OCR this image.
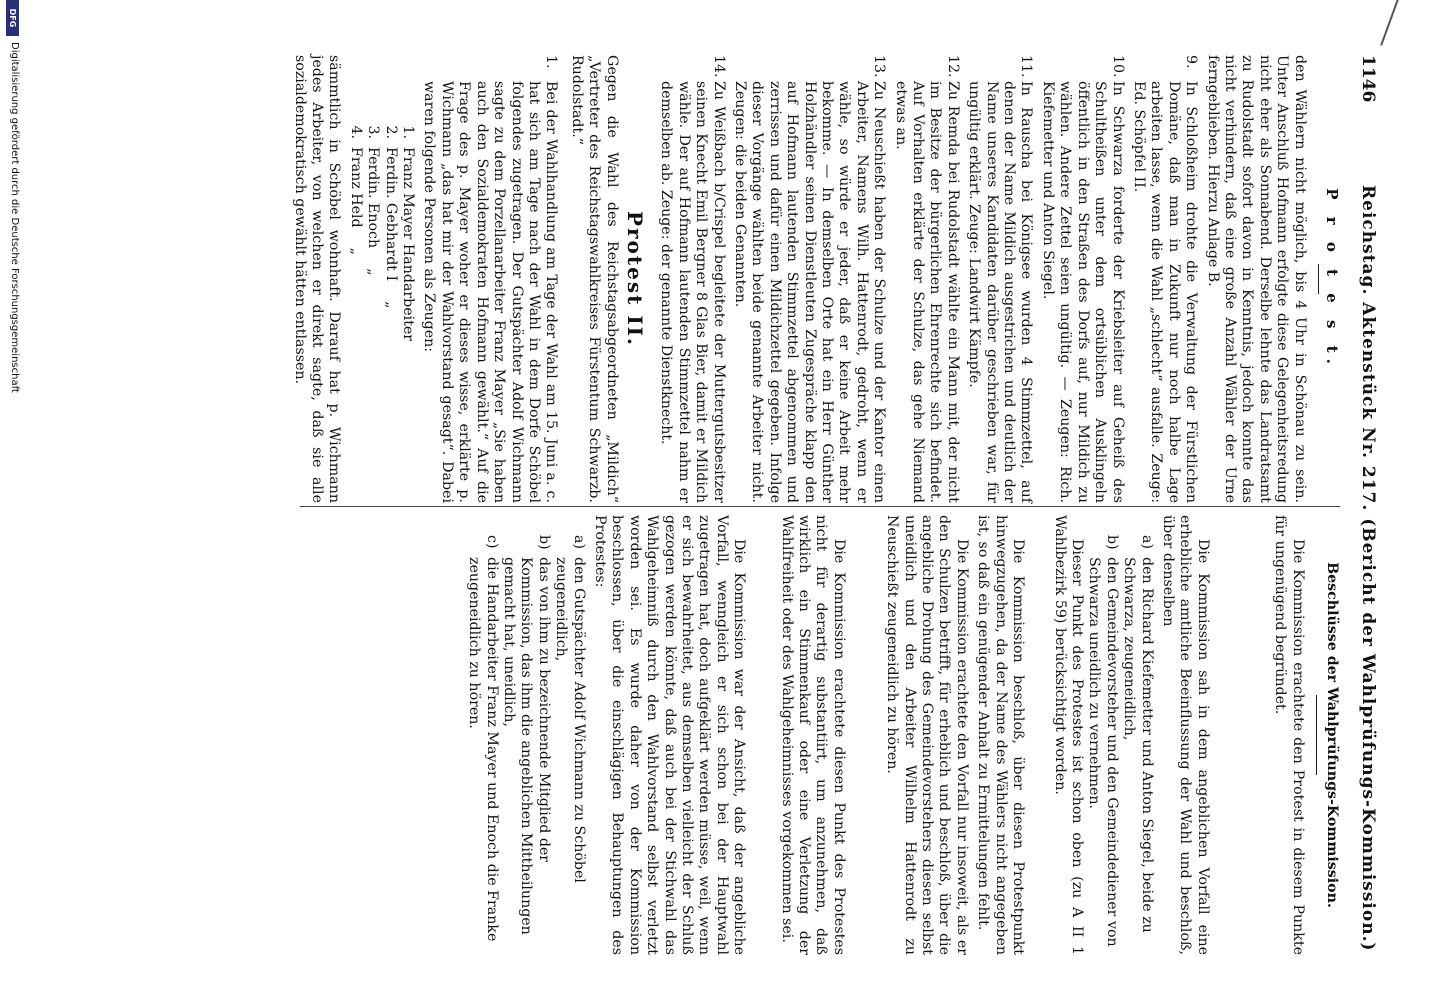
1146
Reichstag. Aktenstück Nr. 217. (Bericht der Wahlprüfungs-Kommission.)
P r o t e s t.

den Wählern nicht möglich, bis 4 Uhr in Schönau zu sein. Unter Anschluß Hofmann erfolgte diese Gelegenheitsredung nicht eher als Sonnabend. Derselbe lehnte das Landratsamt zu Rudolstadt sofort davon in Kenntnis, jedoch konnte das nicht verhindern, daß eine große Anzahl Wähler der Urne ferngeblieben. Hierzu Anlage B.

9.
In Schloßheim drohte die Verwaltung der Fürstlichen Domäne, daß man in Zukunft nur noch halbe Lage arbeiten lasse, wenn die Wahl „schlecht“ ausfalle. Zeuge: Ed. Schöpfel II.
10.
In Schwarza forderte der Kriebsleiter auf Geheiß des Schultheißen unter dem ortsüblichen Ausklingeln öffentlich in den Straßen des Dorfs auf, nur Mildich zu wählen. Andere Zettel seien ungültig. — Zeugen: Rich. Kiefemetter und Anton Siegel.
11.
In Rauscha bei Königsee wurden 4 Stimmzettel, auf denen der Name Mildich ausgestrichen und deutlich der Name unseres Kandidaten darüber geschrieben war, für ungültig erklärt. Zeuge: Landwirt Kämpfe.
12.
Zu Remda bei Rudolstadt wählte ein Mann mit, der nicht im Besitze der bürgerlichen Ehrenrechte sich befindet. Auf Vorhalten erklärte der Schulze, das gehe Niemand etwas an.
13.
Zu Neuschießt haben der Schulze und der Kantor einen Arbeiter, Namens Wilh. Hattenrodt, gedroht, wenn er wähle, so würde er jeder, daß er keine Arbeit mehr bekomme. — In demselben Orte hat ein Herr Günther Holzhändler seinen Dienstleuten Zugespräche klapp den auf Hofmann lautenden Stimmzettel abgenommen und zerrissen und dafür einen Mildichzettel gegeben. Infolge dieser Vorgänge wählten beide genannte Arbeiter nicht. Zeugen: die beiden Genannten.
14.
Zu Weißbach b/Crispel begleitete der Muttergutsbesitzer seinen Knecht Emil Bergner 8 Glas Bier, damit er Mildich wähle. Der auf Hofmann lautenden Stimmzettel nahm er demselben ab. Zeuge: der genannte Dienstknecht.
Protest II.

Gegen die Wahl des Reichstagsabgeordneten „Mildich“ „Vertreter des Reichstagswahlkreises Fürstentum Schwarzb. Rudolstadt.“

1.
Bei der Wahlhandlung am Tage der Wahl am 15. Juni a. c. hat sich am Tage nach der Wahl in dem Dorfe Schöbel folgendes zugetragen. Der Gutspächter Adolf Wichmann sagte zu dem Porzellanarbeiter Franz Mayer „Sie haben auch den Sozialdemokraten Hofmann gewählt.“ Auf die Frage des p. Mayer woher er dieses wisse, erklärte p. Wichmann „das hat mir der Wahlvorstand gesagt“. Dabei waren folgende Personen als Zeugen:
1.
Franz Mayer Handarbeiter
2.
Ferdin. Gebhardt I
„
3.
Ferdin. Enoch
„
4.
Franz Held
„

sämmtlich in Schöbel wohnhaft. Darauf hat p. Wichmann jedes Arbeiter, von welchen er direkt sagte, daß sie alle sozialdemokratisch gewählt hätten entlassen.

Beschlüsse der Wahlprüfungs-Kommission.

Die Kommission erachtete den Protest in diesem Punkte für ungenügend begründet.

Die Kommission sah in dem angeblichen Vorfall eine erhebliche amtliche Beeinflussung der Wahl und beschloß, über denselben

a)
den Richard Kiefemetter und Anton Siegel, beide zu Schwarza, zeugeneidlich,
b)
den Gemeindevorsteher und den Gemeindediener von Schwarza uneidlich zu vernehmen.

Dieser Punkt des Protestes ist schon oben (zu A II 1 Wahlbezirk 59) berücksichtigt worden.

Die Kommission beschloß, über diesen Protestpunkt hinwegzugehen, da der Name des Wählers nicht angegeben ist, so daß ein genügender Anhalt zu Ermittelungen fehlt.

Die Kommission erachtete den Vorfall nur insoweit, als er den Schulzen betrifft, für erheblich und beschloß, über die angebliche Drohung des Gemeindevorstehers diesen selbst uneidlich und den Arbeiter Wilhelm Hattenrodt zu Neuschießt zeugeneidlich zu hören.

Die Kommission erachtete diesen Punkt des Protestes nicht für derartig substantiirt, um anzunehmen, daß wirklich ein Stimmenkauf oder eine Verletzung der Wahlfreiheit oder des Wahlgeheimnisses vorgekommen sei.

Die Kommission war der Ansicht, daß der angebliche Vorfall, wenngleich er sich schon bei der Hauptwahl zugetragen hat, doch aufgeklärt werden müsse, weil, wenn er sich bewahrheitet, aus demselben vielleicht der Schluß gezogen werden könnte, daß auch bei der Stichwahl das Wahlgeheimniß durch den Wahlvorstand selbst verletzt worden sei. Es wurde daher von der Kommission beschlossen, über die einschlägigen Behauptungen des Protestes:

a)
den Gutspächter Adolf Wichmann zu Schöbel zeugeneidlich,
b)
das von ihm zu bezeichnende Mitglied der Kommission, das ihm die angeblichen Mittheilungen gemacht hat, uneidlich,
c)
die Handarbeiter Franz Mayer und Enoch die Franke zeugeneidlich zu hören.
DFG
Digitalisierung gefördert durch die Deutsche Forschungsgemeinschaft
